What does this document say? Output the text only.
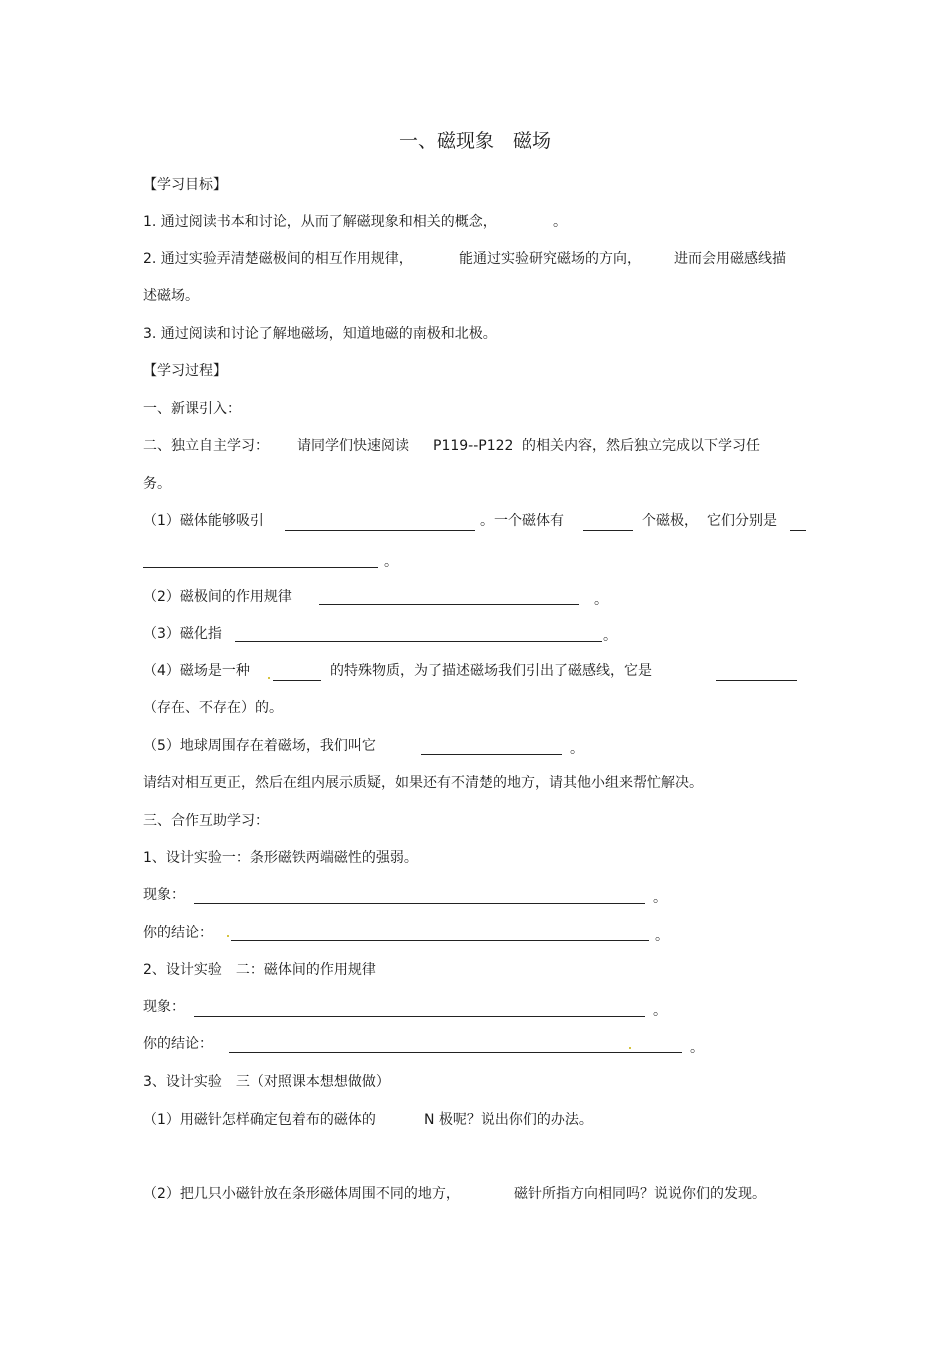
一、磁现象　磁场
【学习目标】
1. 通过阅读书本和讨论，从而了解磁现象和相关的概念，	。
2. 通过实验弄清楚磁极间的相互作用规律，	能通过实验研究磁场的方向， 进而会用磁感线描
述磁场。
3. 通过阅读和讨论了解地磁场，知道地磁的南极和北极。
【学习过程】
一、新课引入：
二、独立自主学习： 请同学们快速阅读 P119--P122 的相关内容，然后独立完成以下学习任
务。
（1）磁体能够吸引	。一个磁体有	个磁极， 它们分别是
。
（2）磁极间的作用规律	。
（3）磁化指	。
（4）磁场是一种	的特殊物质，为了描述磁场我们引出了磁感线，它是
（存在、不存在）的。
（5）地球周围存在着磁场，我们叫它	。
请结对相互更正，然后在组内展示质疑，如果还有不清楚的地方，请其他小组来帮忙解决。
三、合作互助学习：
1、设计实验一：条形磁铁两端磁性的强弱。
现象：	。
你的结论：	。
2、设计实验　二：磁体间的作用规律
现象：	。
你的结论：	。
3、设计实验　三（对照课本想想做做）
（1）用磁针怎样确定包着布的磁体的	N 极呢？说出你们的办法。
（2）把几只小磁针放在条形磁体周围不同的地方，	磁针所指方向相同吗？说说你们的发现。
